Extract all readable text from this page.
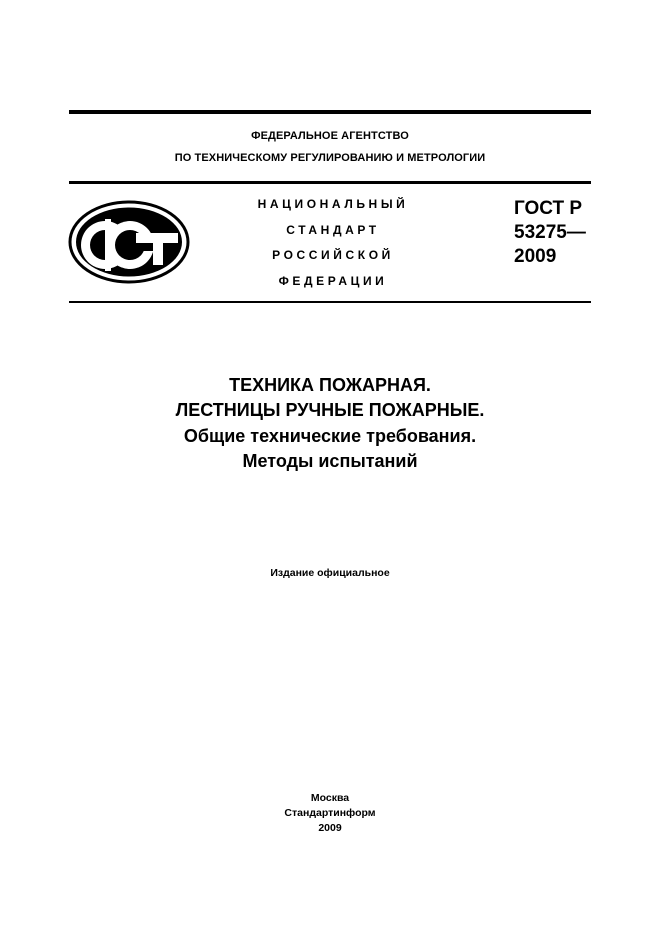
ФЕДЕРАЛЬНОЕ АГЕНТСТВО
ПО ТЕХНИЧЕСКОМУ РЕГУЛИРОВАНИЮ И МЕТРОЛОГИИ
НАЦИОНАЛЬНЫЙ
СТАНДАРТ
РОССИЙСКОЙ
ФЕДЕРАЦИИ
ГОСТ Р
53275—
2009
ТЕХНИКА ПОЖАРНАЯ.
ЛЕСТНИЦЫ РУЧНЫЕ ПОЖАРНЫЕ.
Общие технические требования.
Методы испытаний
Издание официальное
Москва
Стандартинформ
2009
